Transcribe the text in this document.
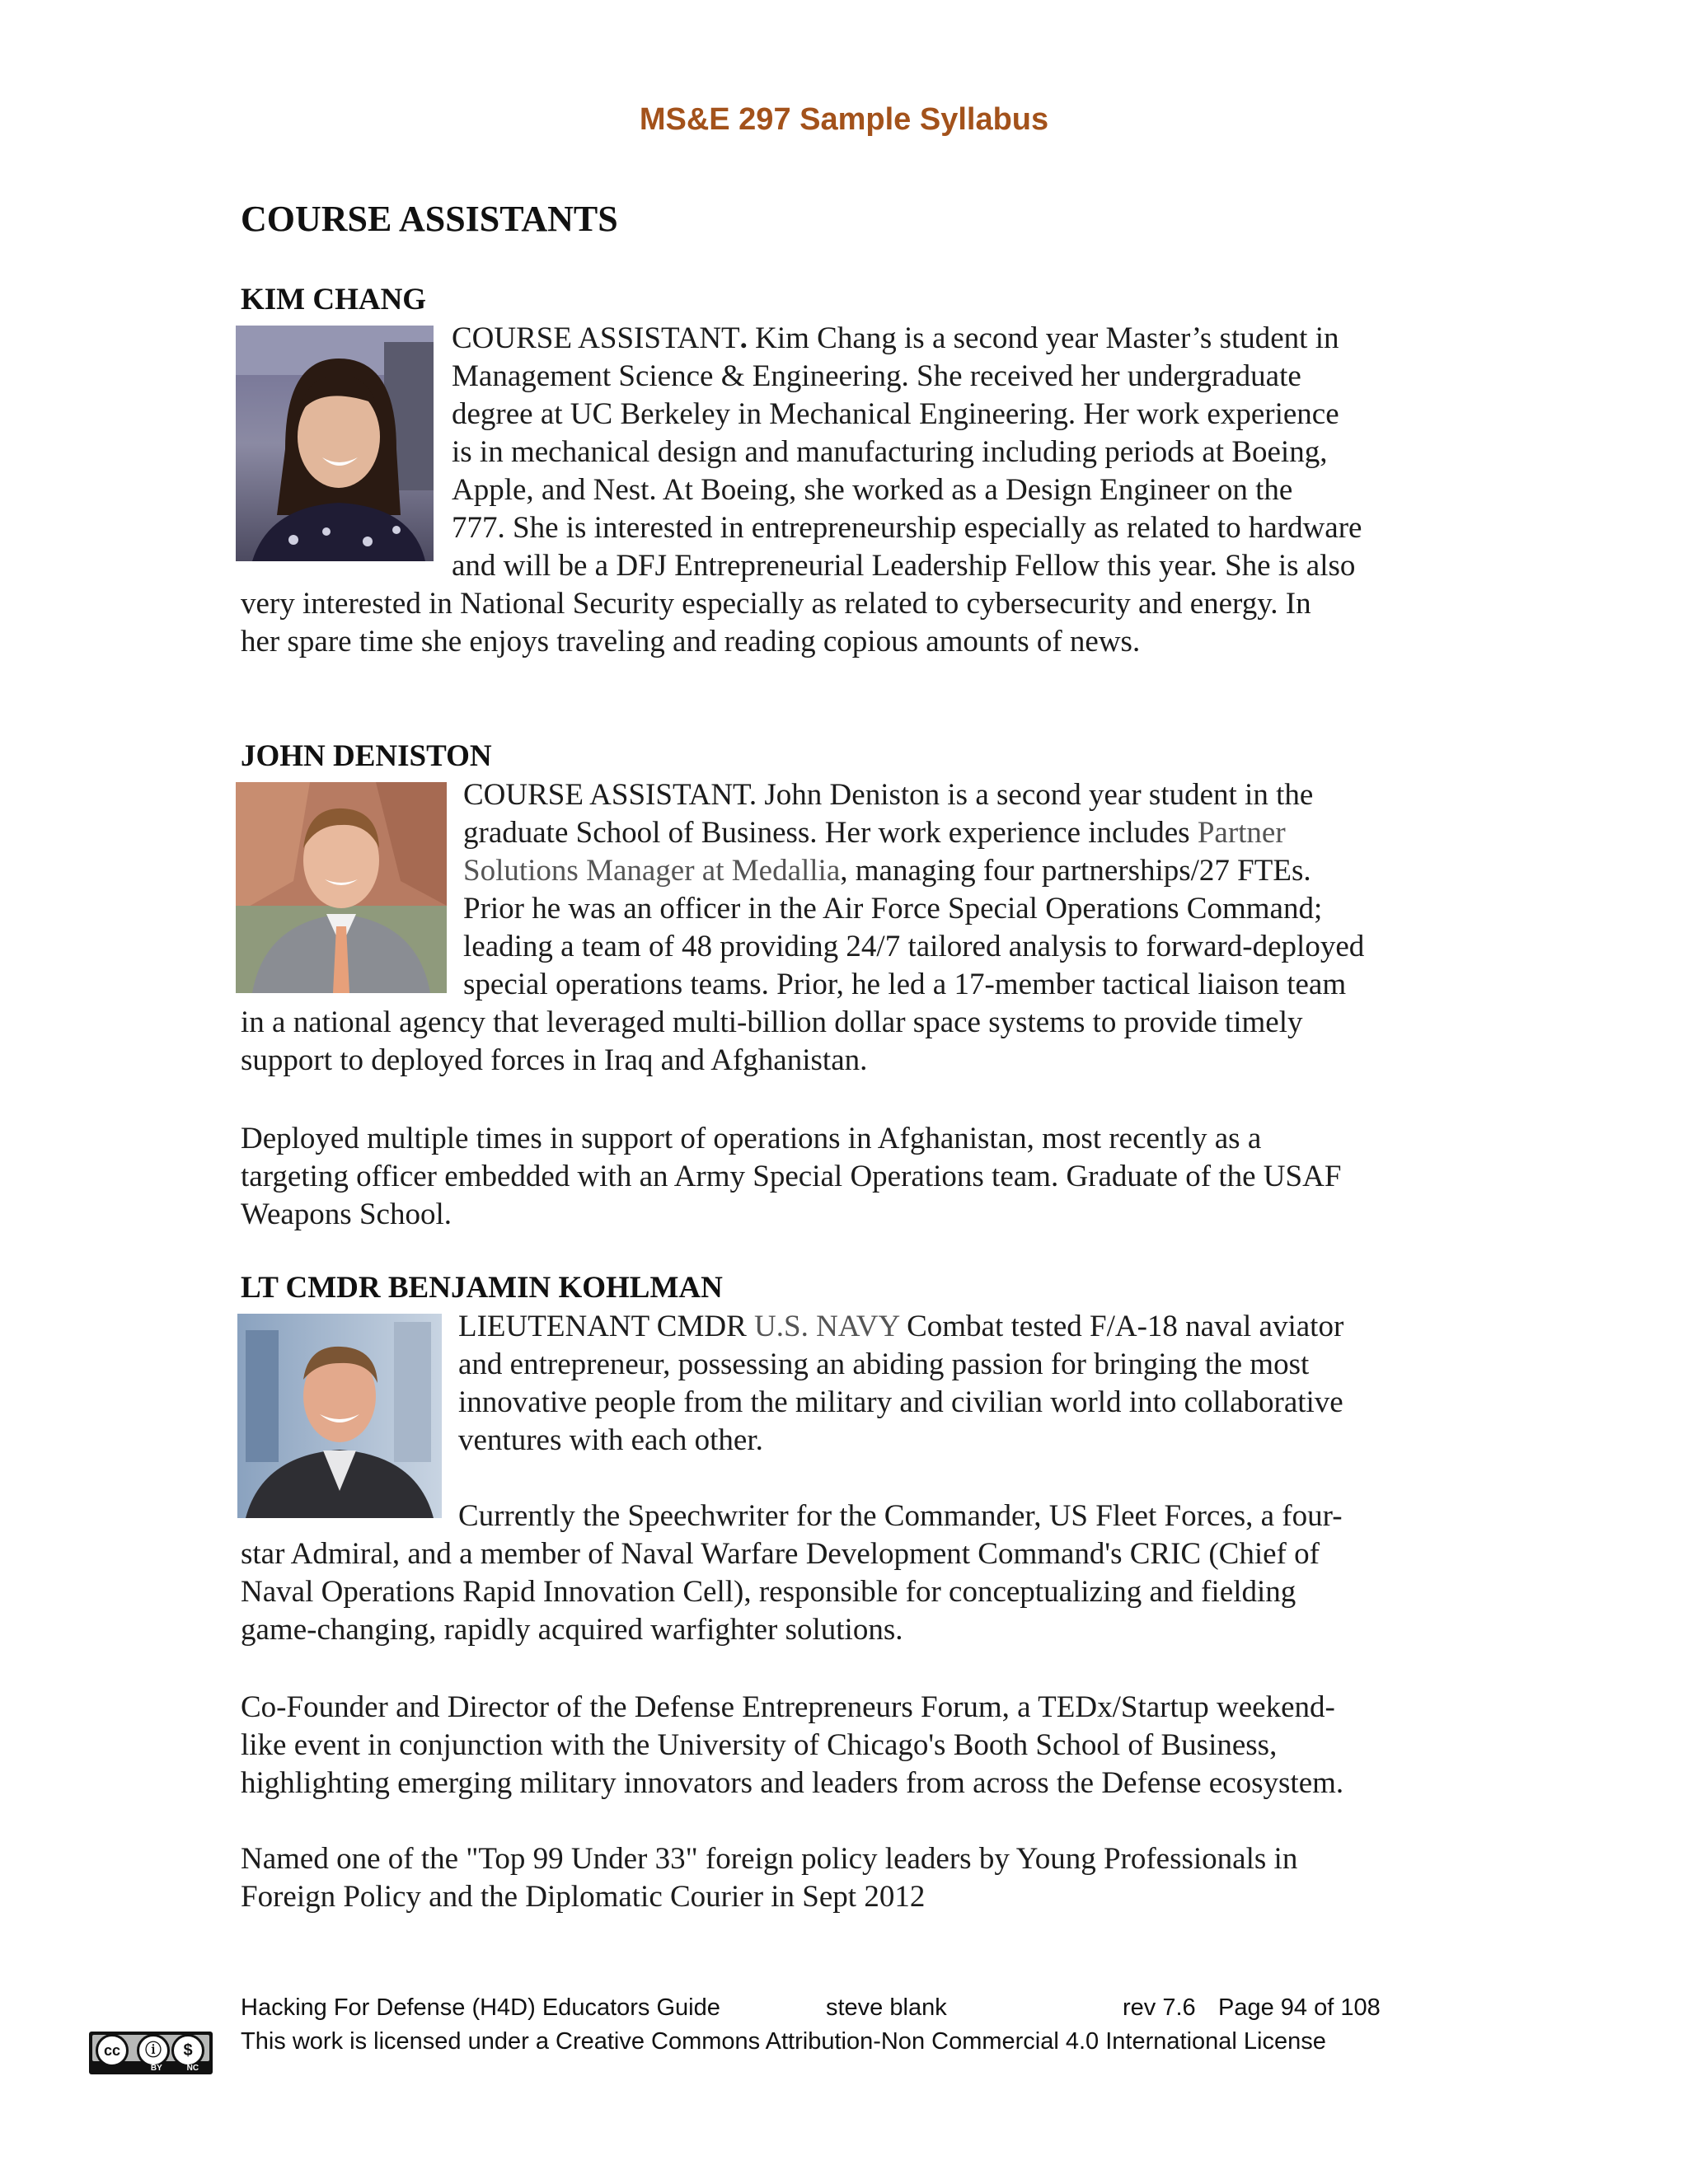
MS&E 297 Sample Syllabus
COURSE ASSISTANTS
KIM CHANG
COURSE ASSISTANT. Kim Chang is a second year Master’s student in
Management Science & Engineering. She received her undergraduate
degree at UC Berkeley in Mechanical Engineering. Her work experience
is in mechanical design and manufacturing including periods at Boeing,
Apple, and Nest. At Boeing, she worked as a Design Engineer on the
777. She is interested in entrepreneurship especially as related to hardware
and will be a DFJ Entrepreneurial Leadership Fellow this year. She is also
very interested in National Security especially as related to cybersecurity and energy. In
her spare time she enjoys traveling and reading copious amounts of news.
JOHN DENISTON
COURSE ASSISTANT. John Deniston is a second year student in the
graduate School of Business. Her work experience includes Partner
Solutions Manager at Medallia, managing four partnerships/27 FTEs.
Prior he was an officer in the Air Force Special Operations Command;
leading a team of 48 providing 24/7 tailored analysis to forward-deployed
special operations teams. Prior, he led a 17-member tactical liaison team
in a national agency that leveraged multi-billion dollar space systems to provide timely
support to deployed forces in Iraq and Afghanistan.
Deployed multiple times in support of operations in Afghanistan, most recently as a
targeting officer embedded with an Army Special Operations team. Graduate of the USAF
Weapons School.
LT CMDR BENJAMIN KOHLMAN
LIEUTENANT CMDR U.S. NAVY Combat tested F/A-18 naval aviator
and entrepreneur, possessing an abiding passion for bringing the most
innovative people from the military and civilian world into collaborative
ventures with each other.

Currently the Speechwriter for the Commander, US Fleet Forces, a four-
star Admiral, and a member of Naval Warfare Development Command's CRIC (Chief of
Naval Operations Rapid Innovation Cell), responsible for conceptualizing and fielding
game-changing, rapidly acquired warfighter solutions.
Co-Founder and Director of the Defense Entrepreneurs Forum, a TEDx/Startup weekend-
like event in conjunction with the University of Chicago's Booth School of Business,
highlighting emerging military innovators and leaders from across the Defense ecosystem.
Named one of the "Top 99 Under 33" foreign policy leaders by Young Professionals in
Foreign Policy and the Diplomatic Courier in Sept 2012
cc	ⓘ	$
BY	NC
Hacking For Defense (H4D) Educators Guide	steve blank	rev 7.6 Page 94 of 108
This work is licensed under a Creative Commons Attribution-Non Commercial 4.0 International License
